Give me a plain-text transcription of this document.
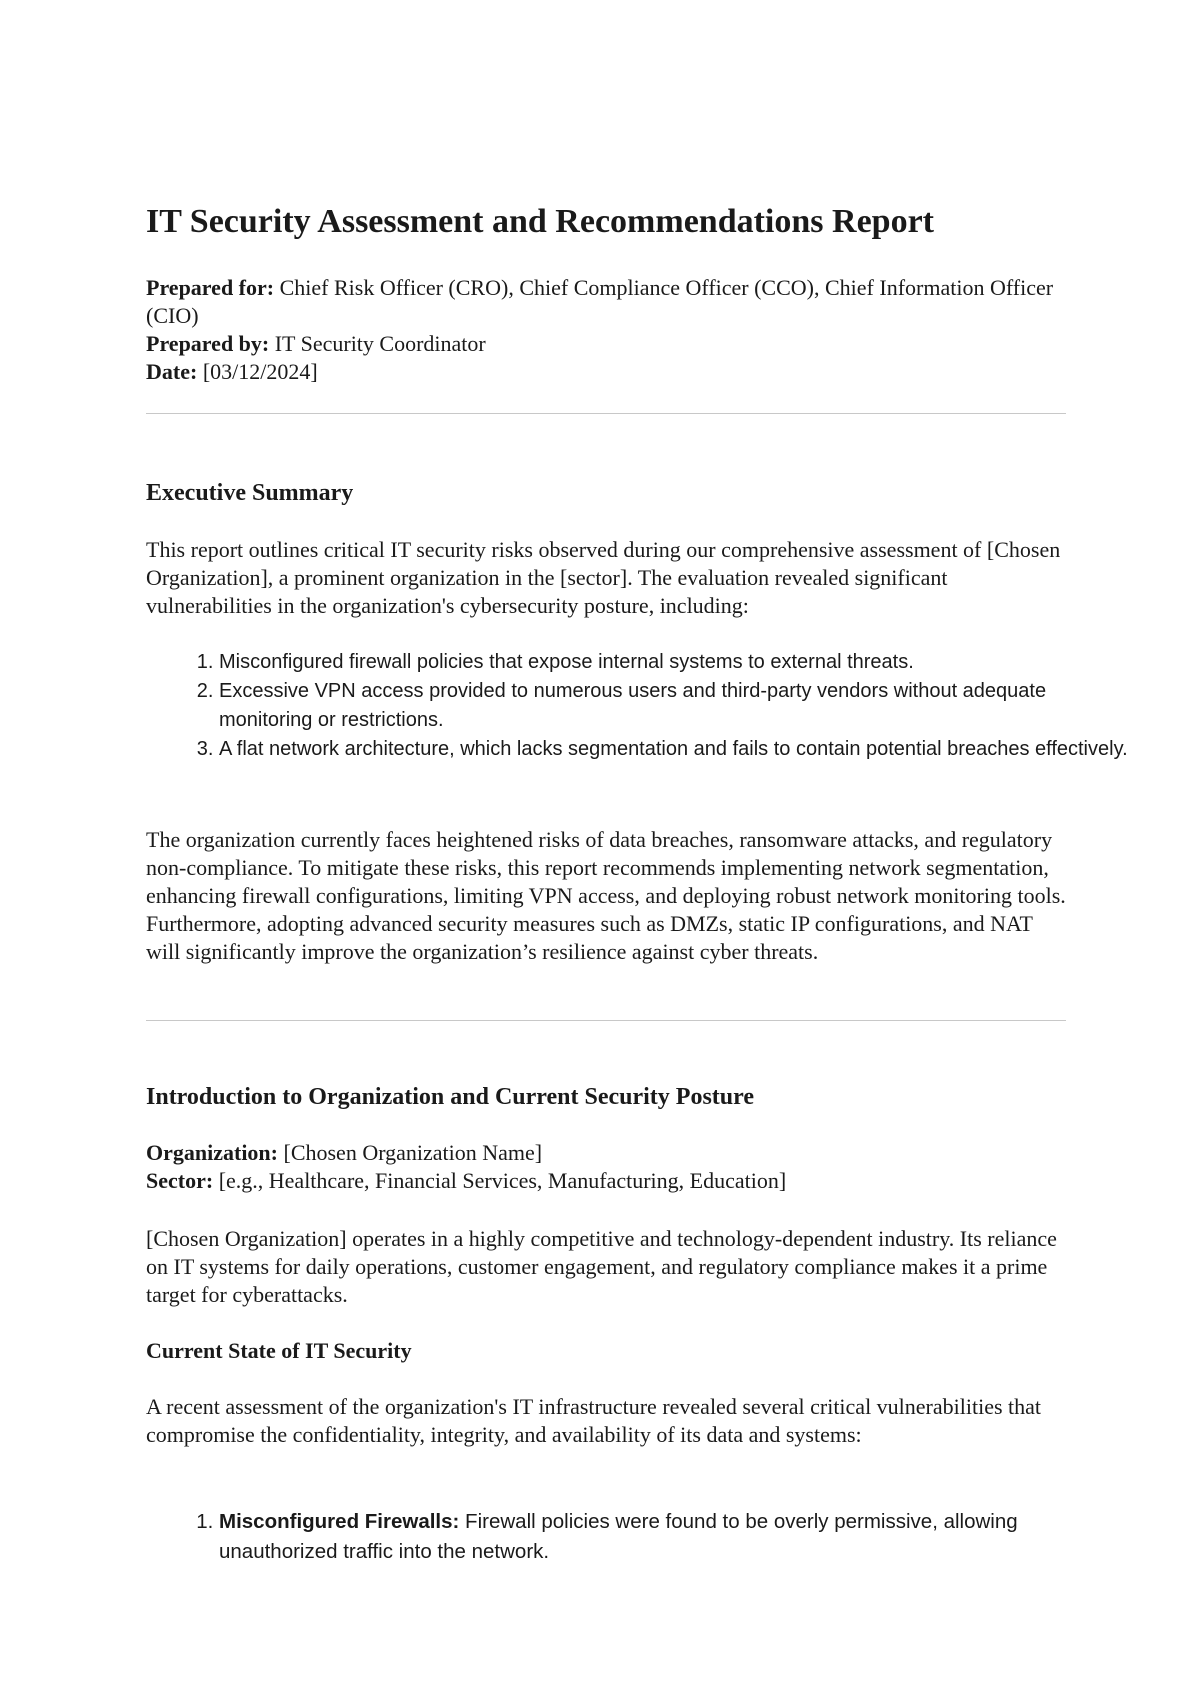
IT Security Assessment and Recommendations Report

Prepared for: Chief Risk Officer (CRO), Chief Compliance Officer (CCO), Chief Information Officer (CIO)

Prepared by: IT Security Coordinator

Date: [03/12/2024]

Executive Summary

This report outlines critical IT security risks observed during our comprehensive assessment of [Chosen Organization], a prominent organization in the [sector]. The evaluation revealed significant vulnerabilities in the organization's cybersecurity posture, including:

1. Misconfigured firewall policies that expose internal systems to external threats.
2. Excessive VPN access provided to numerous users and third-party vendors without adequate monitoring or restrictions.
3. A flat network architecture, which lacks segmentation and fails to contain potential breaches effectively.

The organization currently faces heightened risks of data breaches, ransomware attacks, and regulatory non-compliance. To mitigate these risks, this report recommends implementing network segmentation, enhancing firewall configurations, limiting VPN access, and deploying robust network monitoring tools. Furthermore, adopting advanced security measures such as DMZs, static IP configurations, and NAT will significantly improve the organization’s resilience against cyber threats.

Introduction to Organization and Current Security Posture

Organization: [Chosen Organization Name]

Sector: [e.g., Healthcare, Financial Services, Manufacturing, Education]

[Chosen Organization] operates in a highly competitive and technology-dependent industry. Its reliance on IT systems for daily operations, customer engagement, and regulatory compliance makes it a prime target for cyberattacks.

Current State of IT Security

A recent assessment of the organization's IT infrastructure revealed several critical vulnerabilities that compromise the confidentiality, integrity, and availability of its data and systems:

1. Misconfigured Firewalls: Firewall policies were found to be overly permissive, allowing unauthorized traffic into the network.
